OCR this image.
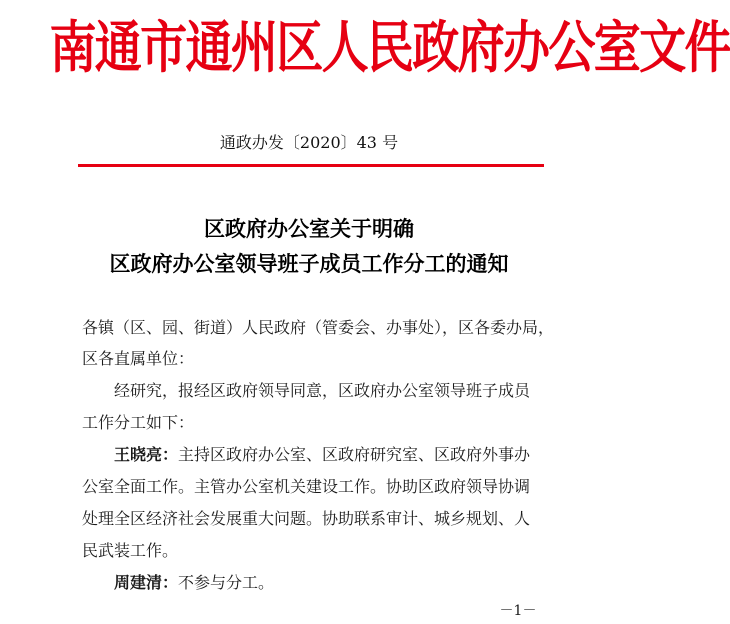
南通市通州区人民政府办公室文件
通政办发〔2020〕43 号
区政府办公室关于明确
区政府办公室领导班子成员工作分工的通知
各镇（区、园、街道）人民政府（管委会、办事处），区各委办局，
区各直属单位：
经研究，报经区政府领导同意，区政府办公室领导班子成员
工作分工如下：
王晓亮：主持区政府办公室、区政府研究室、区政府外事办
公室全面工作。主管办公室机关建设工作。协助区政府领导协调
处理全区经济社会发展重大问题。协助联系审计、城乡规划、人
民武装工作。
周建清：不参与分工。
－1－
